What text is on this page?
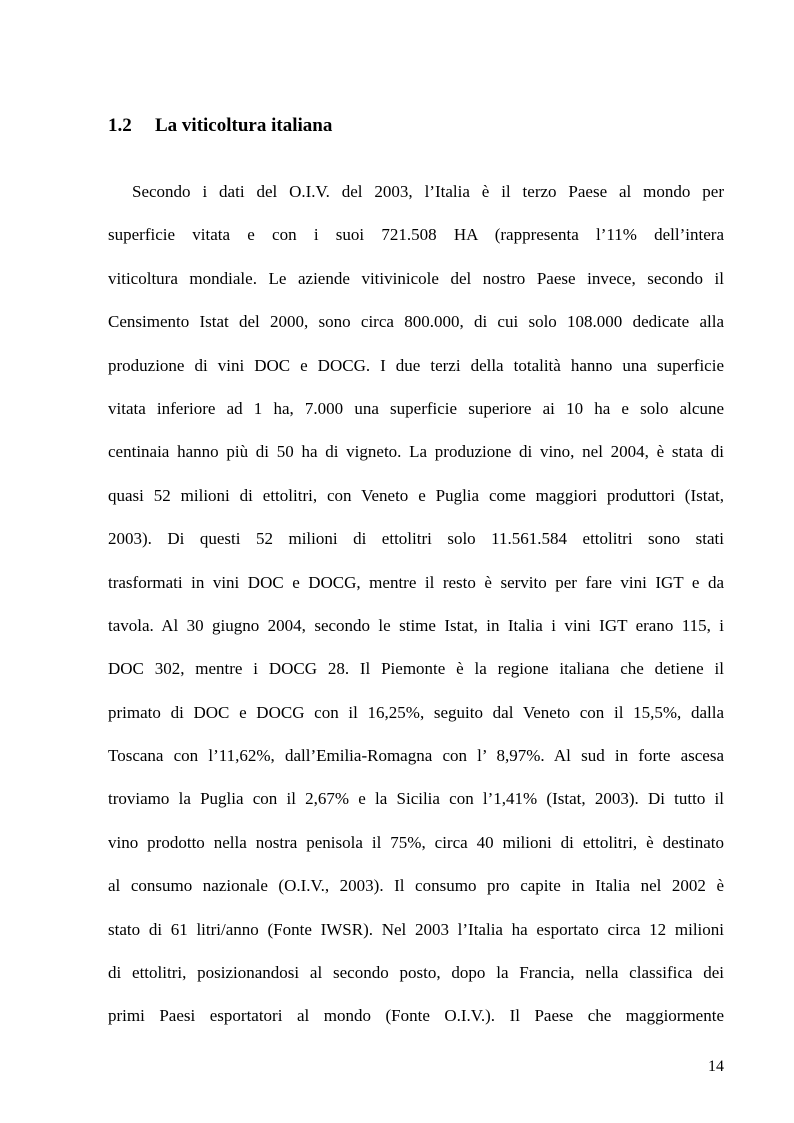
1.2 La viticoltura italiana
Secondo i dati del O.I.V. del 2003, l’Italia è il terzo Paese al mondo per
superficie vitata e con i suoi 721.508 HA (rappresenta l’11% dell’intera
viticoltura mondiale. Le aziende vitivinicole del nostro Paese invece, secondo il
Censimento Istat del 2000, sono circa 800.000, di cui solo 108.000 dedicate alla
produzione di vini DOC e DOCG. I due terzi della totalità hanno una superficie
vitata inferiore ad 1 ha, 7.000 una superficie superiore ai 10 ha e solo alcune
centinaia hanno più di 50 ha di vigneto. La produzione di vino, nel 2004, è stata di
quasi 52 milioni di ettolitri, con Veneto e Puglia come maggiori produttori (Istat,
2003). Di questi 52 milioni di ettolitri solo 11.561.584 ettolitri sono stati
trasformati in vini DOC e DOCG, mentre il resto è servito per fare vini IGT e da
tavola. Al 30 giugno 2004, secondo le stime Istat, in Italia i vini IGT erano 115, i
DOC 302, mentre i DOCG 28. Il Piemonte è la regione italiana che detiene il
primato di DOC e DOCG con il 16,25%, seguito dal Veneto con il 15,5%, dalla
Toscana con l’11,62%, dall’Emilia-Romagna con l’ 8,97%. Al sud in forte ascesa
troviamo la Puglia con il 2,67% e la Sicilia con l’1,41% (Istat, 2003). Di tutto il
vino prodotto nella nostra penisola il 75%, circa 40 milioni di ettolitri, è destinato
al consumo nazionale (O.I.V., 2003). Il consumo pro capite in Italia nel 2002 è
stato di 61 litri/anno (Fonte IWSR). Nel 2003 l’Italia ha esportato circa 12 milioni
di ettolitri, posizionandosi al secondo posto, dopo la Francia, nella classifica dei
primi Paesi esportatori al mondo (Fonte O.I.V.). Il Paese che maggiormente
14
